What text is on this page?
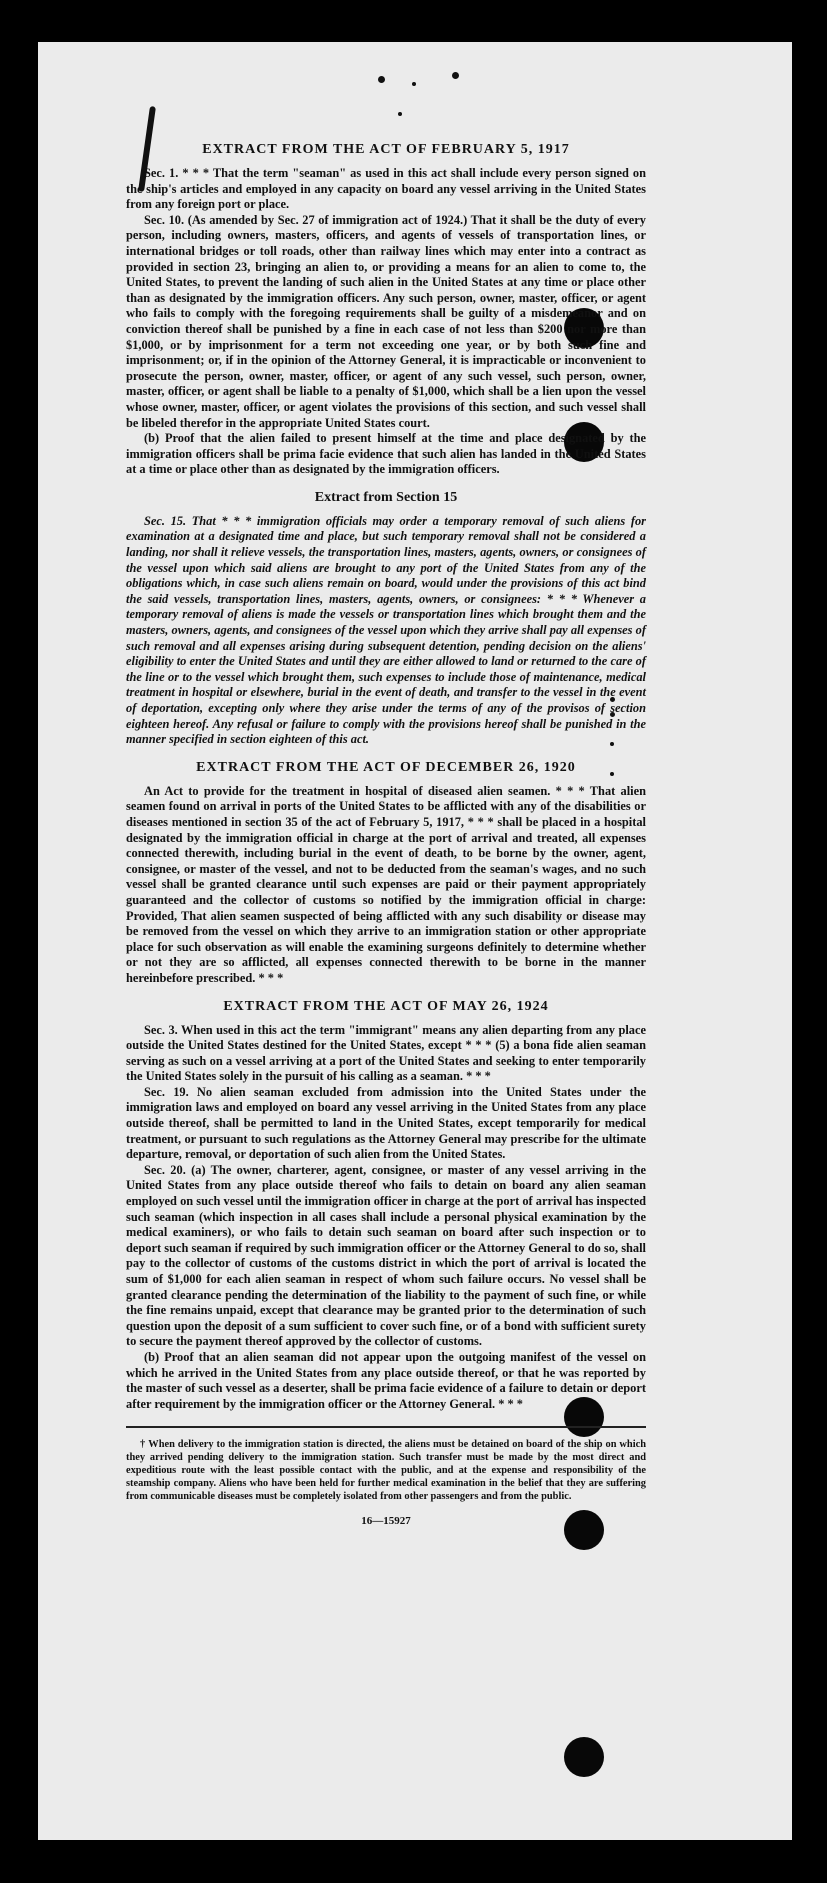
EXTRACT FROM THE ACT OF FEBRUARY 5, 1917

Sec. 1. * * * That the term "seaman" as used in this act shall include every person signed on the ship's articles and employed in any capacity on board any vessel arriving in the United States from any foreign port or place.

Sec. 10. (As amended by Sec. 27 of immigration act of 1924.) That it shall be the duty of every person, including owners, masters, officers, and agents of vessels of transportation lines, or international bridges or toll roads, other than railway lines which may enter into a contract as provided in section 23, bringing an alien to, or providing a means for an alien to come to, the United States, to prevent the landing of such alien in the United States at any time or place other than as designated by the immigration officers. Any such person, owner, master, officer, or agent who fails to comply with the foregoing requirements shall be guilty of a misdemeanor and on conviction thereof shall be punished by a fine in each case of not less than $200 nor more than $1,000, or by imprisonment for a term not exceeding one year, or by both such fine and imprisonment; or, if in the opinion of the Attorney General, it is impracticable or inconvenient to prosecute the person, owner, master, officer, or agent of any such vessel, such person, owner, master, officer, or agent shall be liable to a penalty of $1,000, which shall be a lien upon the vessel whose owner, master, officer, or agent violates the provisions of this section, and such vessel shall be libeled therefor in the appropriate United States court.

(b) Proof that the alien failed to present himself at the time and place designated by the immigration officers shall be prima facie evidence that such alien has landed in the United States at a time or place other than as designated by the immigration officers.

Extract from Section 15

Sec. 15. That * * * immigration officials may order a temporary removal of such aliens for examination at a designated time and place, but such temporary removal shall not be considered a landing, nor shall it relieve vessels, the transportation lines, masters, agents, owners, or consignees of the vessel upon which said aliens are brought to any port of the United States from any of the obligations which, in case such aliens remain on board, would under the provisions of this act bind the said vessels, transportation lines, masters, agents, owners, or consignees: * * * Whenever a temporary removal of aliens is made the vessels or transportation lines which brought them and the masters, owners, agents, and consignees of the vessel upon which they arrive shall pay all expenses of such removal and all expenses arising during subsequent detention, pending decision on the aliens' eligibility to enter the United States and until they are either allowed to land or returned to the care of the line or to the vessel which brought them, such expenses to include those of maintenance, medical treatment in hospital or elsewhere, burial in the event of death, and transfer to the vessel in the event of deportation, excepting only where they arise under the terms of any of the provisos of section eighteen hereof. Any refusal or failure to comply with the provisions hereof shall be punished in the manner specified in section eighteen of this act.

EXTRACT FROM THE ACT OF DECEMBER 26, 1920

An Act to provide for the treatment in hospital of diseased alien seamen. * * * That alien seamen found on arrival in ports of the United States to be afflicted with any of the disabilities or diseases mentioned in section 35 of the act of February 5, 1917, * * * shall be placed in a hospital designated by the immigration official in charge at the port of arrival and treated, all expenses connected therewith, including burial in the event of death, to be borne by the owner, agent, consignee, or master of the vessel, and not to be deducted from the seaman's wages, and no such vessel shall be granted clearance until such expenses are paid or their payment appropriately guaranteed and the collector of customs so notified by the immigration official in charge: Provided, That alien seamen suspected of being afflicted with any such disability or disease may be removed from the vessel on which they arrive to an immigration station or other appropriate place for such observation as will enable the examining surgeons definitely to determine whether or not they are so afflicted, all expenses connected therewith to be borne in the manner hereinbefore prescribed. * * *

EXTRACT FROM THE ACT OF MAY 26, 1924

Sec. 3. When used in this act the term "immigrant" means any alien departing from any place outside the United States destined for the United States, except * * * (5) a bona fide alien seaman serving as such on a vessel arriving at a port of the United States and seeking to enter temporarily the United States solely in the pursuit of his calling as a seaman. * * *

Sec. 19. No alien seaman excluded from admission into the United States under the immigration laws and employed on board any vessel arriving in the United States from any place outside thereof, shall be permitted to land in the United States, except temporarily for medical treatment, or pursuant to such regulations as the Attorney General may prescribe for the ultimate departure, removal, or deportation of such alien from the United States.

Sec. 20. (a) The owner, charterer, agent, consignee, or master of any vessel arriving in the United States from any place outside thereof who fails to detain on board any alien seaman employed on such vessel until the immigration officer in charge at the port of arrival has inspected such seaman (which inspection in all cases shall include a personal physical examination by the medical examiners), or who fails to detain such seaman on board after such inspection or to deport such seaman if required by such immigration officer or the Attorney General to do so, shall pay to the collector of customs of the customs district in which the port of arrival is located the sum of $1,000 for each alien seaman in respect of whom such failure occurs. No vessel shall be granted clearance pending the determination of the liability to the payment of such fine, or while the fine remains unpaid, except that clearance may be granted prior to the determination of such question upon the deposit of a sum sufficient to cover such fine, or of a bond with sufficient surety to secure the payment thereof approved by the collector of customs.

(b) Proof that an alien seaman did not appear upon the outgoing manifest of the vessel on which he arrived in the United States from any place outside thereof, or that he was reported by the master of such vessel as a deserter, shall be prima facie evidence of a failure to detain or deport after requirement by the immigration officer or the Attorney General. * * *

† When delivery to the immigration station is directed, the aliens must be detained on board of the ship on which they arrived pending delivery to the immigration station. Such transfer must be made by the most direct and expeditious route with the least possible contact with the public, and at the expense and responsibility of the steamship company. Aliens who have been held for further medical examination in the belief that they are suffering from communicable diseases must be completely isolated from other passengers and from the public.

16—15927
